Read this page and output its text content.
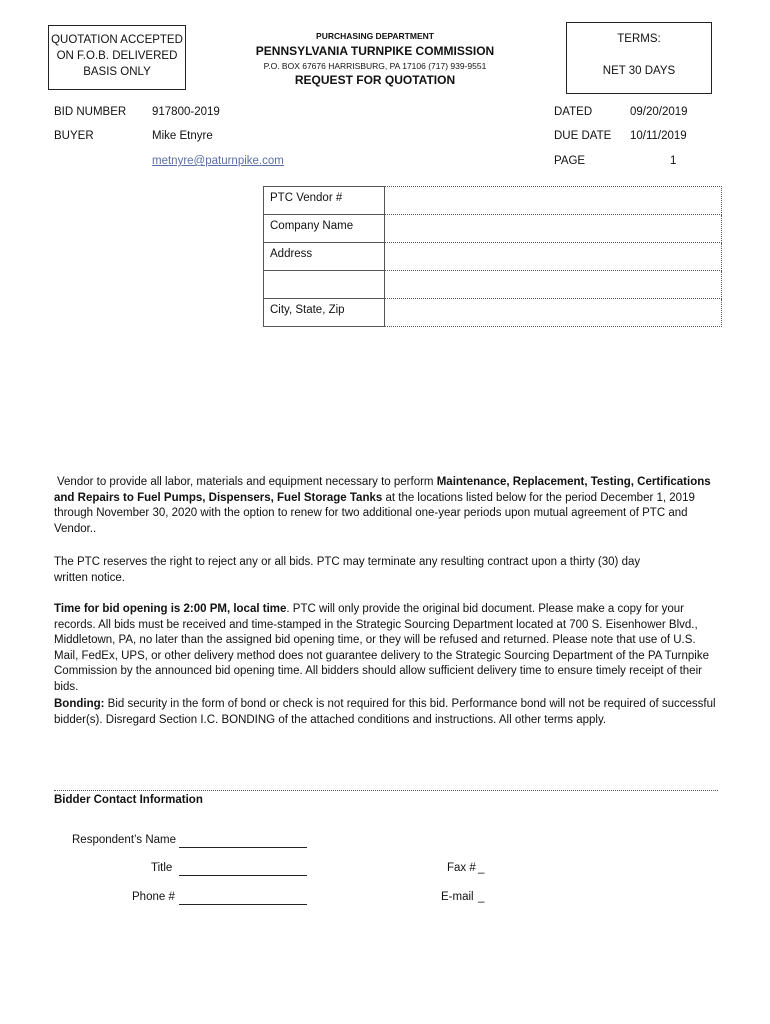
QUOTATION ACCEPTED
ON F.O.B. DELIVERED
BASIS ONLY
PURCHASING DEPARTMENT
PENNSYLVANIA TURNPIKE COMMISSION
P.O. BOX 67676 HARRISBURG, PA 17106 (717) 939-9551
REQUEST FOR QUOTATION
TERMS:
NET 30 DAYS
BID NUMBER 917800-2019
BUYER	Mike Etnyre
metnyre@paturnpike.com
DATED	09/20/2019
DUE DATE 10/11/2019
PAGE	1
PTC Vendor #	
Company Name	
Address	

City, State, Zip	
Vendor to provide all labor, materials and equipment necessary to perform Maintenance, Replacement, Testing, Certifications and Repairs to Fuel Pumps, Dispensers, Fuel Storage Tanks at the locations listed below for the period December 1, 2019 through November 30, 2020 with the option to renew for two additional one-year periods upon mutual agreement of PTC and Vendor..
The PTC reserves the right to reject any or all bids. PTC may terminate any resulting contract upon a thirty (30) day written notice.
Time for bid opening is 2:00 PM, local time. PTC will only provide the original bid document. Please make a copy for your records. All bids must be received and time-stamped in the Strategic Sourcing Department located at 700 S. Eisenhower Blvd., Middletown, PA, no later than the assigned bid opening time, or they will be refused and returned. Please note that use of U.S. Mail, FedEx, UPS, or other delivery method does not guarantee delivery to the Strategic Sourcing Department of the PA Turnpike Commission by the announced bid opening time. All bidders should allow sufficient delivery time to ensure timely receipt of their bids.
Bonding: Bid security in the form of bond or check is not required for this bid. Performance bond will not be required of successful bidder(s). Disregard Section I.C. BONDING of the attached conditions and instructions. All other terms apply.
Bidder Contact Information
Respondent’s Name
Title
Phone #
Fax # _
E-mail _
